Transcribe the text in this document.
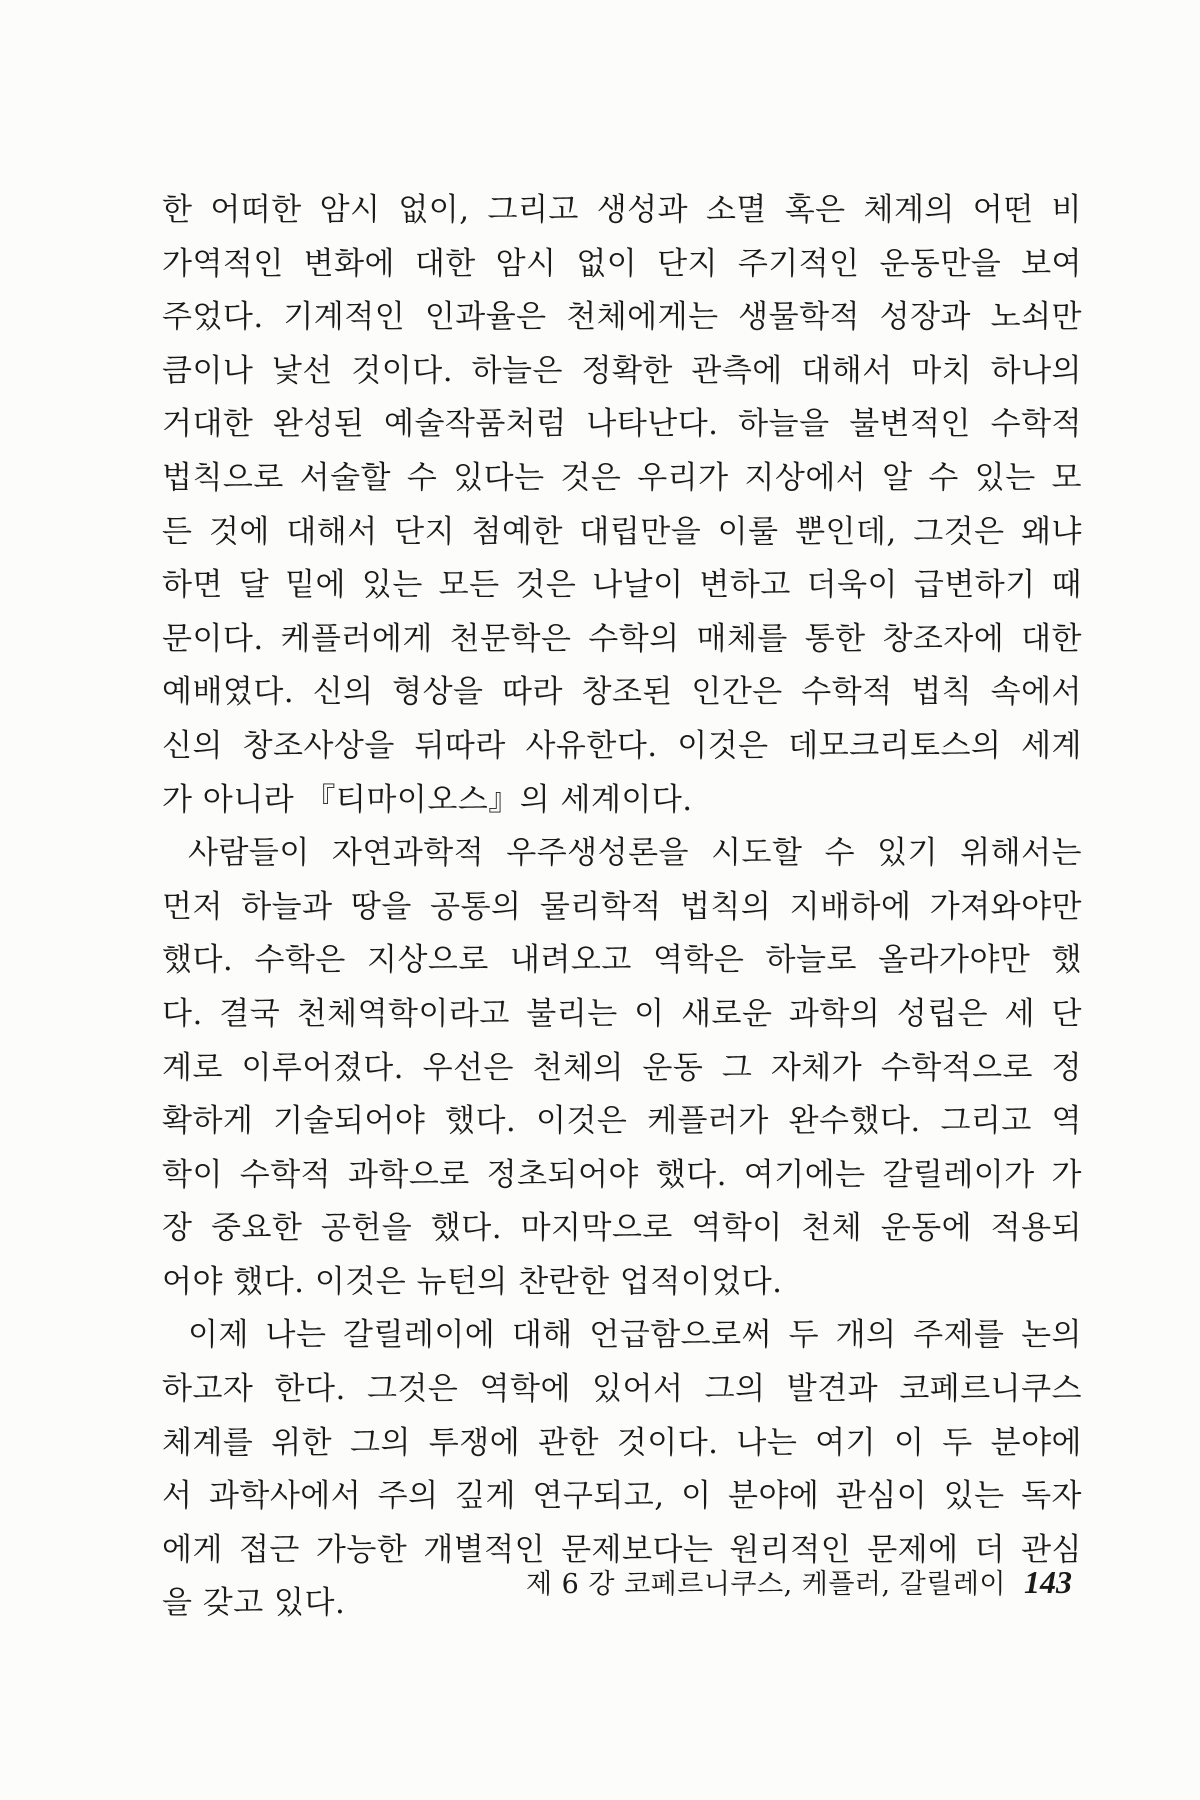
한 어떠한 암시 없이, 그리고 생성과 소멸 혹은 체계의 어떤 비
가역적인 변화에 대한 암시 없이 단지 주기적인 운동만을 보여
주었다. 기계적인 인과율은 천체에게는 생물학적 성장과 노쇠만
큼이나 낯선 것이다. 하늘은 정확한 관측에 대해서 마치 하나의
거대한 완성된 예술작품처럼 나타난다. 하늘을 불변적인 수학적
법칙으로 서술할 수 있다는 것은 우리가 지상에서 알 수 있는 모
든 것에 대해서 단지 첨예한 대립만을 이룰 뿐인데, 그것은 왜냐
하면 달 밑에 있는 모든 것은 나날이 변하고 더욱이 급변하기 때
문이다. 케플러에게 천문학은 수학의 매체를 통한 창조자에 대한
예배였다. 신의 형상을 따라 창조된 인간은 수학적 법칙 속에서
신의 창조사상을 뒤따라 사유한다. 이것은 데모크리토스의 세계
가 아니라 『티마이오스』의 세계이다.
사람들이 자연과학적 우주생성론을 시도할 수 있기 위해서는
먼저 하늘과 땅을 공통의 물리학적 법칙의 지배하에 가져와야만
했다. 수학은 지상으로 내려오고 역학은 하늘로 올라가야만 했
다. 결국 천체역학이라고 불리는 이 새로운 과학의 성립은 세 단
계로 이루어졌다. 우선은 천체의 운동 그 자체가 수학적으로 정
확하게 기술되어야 했다. 이것은 케플러가 완수했다. 그리고 역
학이 수학적 과학으로 정초되어야 했다. 여기에는 갈릴레이가 가
장 중요한 공헌을 했다. 마지막으로 역학이 천체 운동에 적용되
어야 했다. 이것은 뉴턴의 찬란한 업적이었다.
이제 나는 갈릴레이에 대해 언급함으로써 두 개의 주제를 논의
하고자 한다. 그것은 역학에 있어서 그의 발견과 코페르니쿠스
체계를 위한 그의 투쟁에 관한 것이다. 나는 여기 이 두 분야에
서 과학사에서 주의 깊게 연구되고, 이 분야에 관심이 있는 독자
에게 접근 가능한 개별적인 문제보다는 원리적인 문제에 더 관심
을 갖고 있다.
제 6 강 코페르니쿠스, 케플러, 갈릴레이 143
